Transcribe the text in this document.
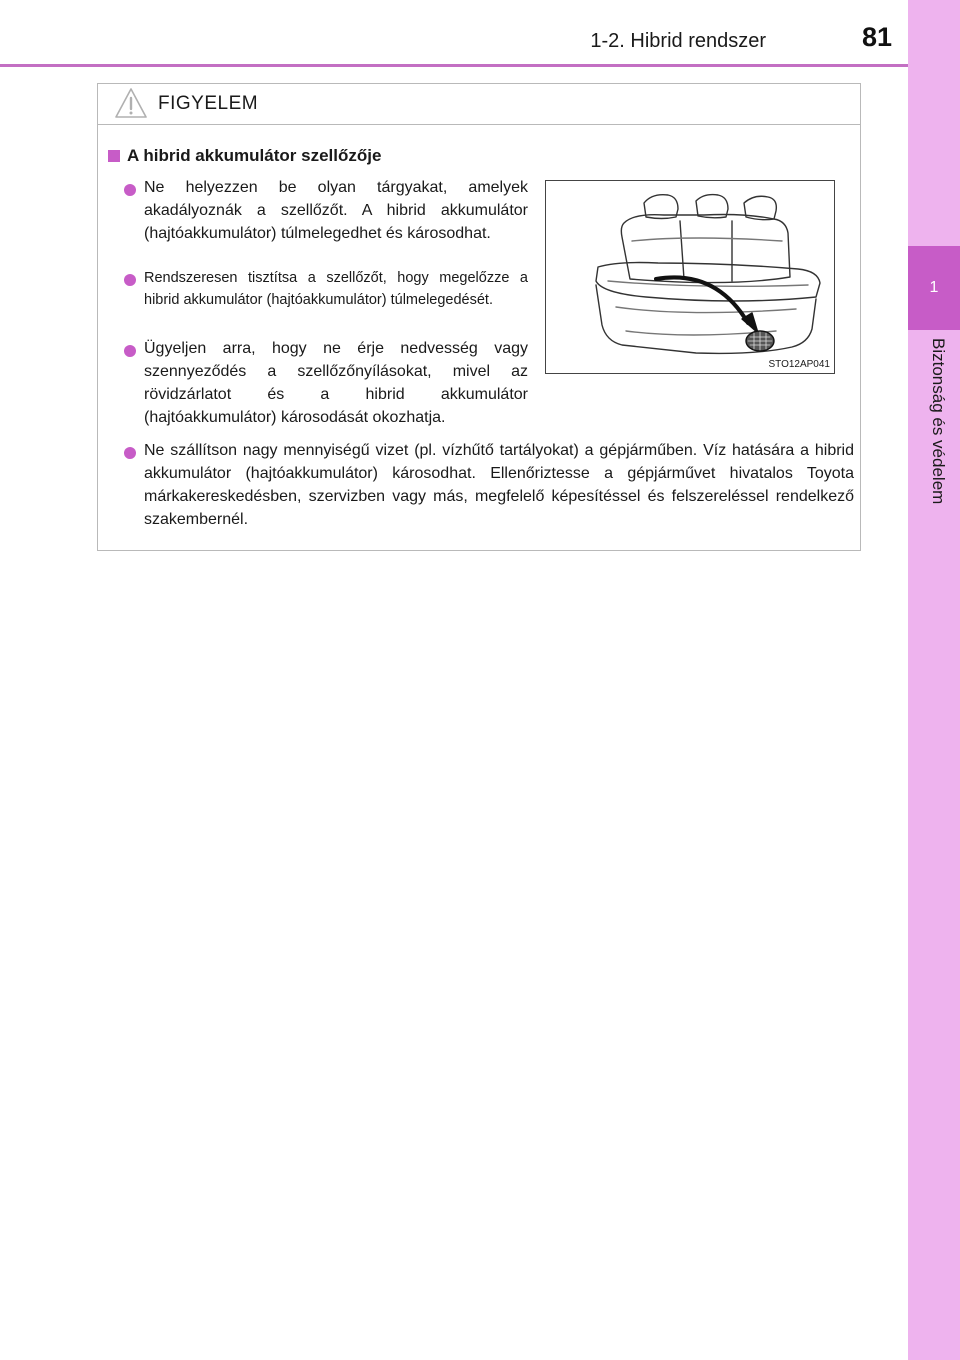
1
Biztonság és védelem
1-2. Hibrid rendszer	81
FIGYELEM
A hibrid akkumulátor szellőzője

Ne helyezzen be olyan tárgyakat, amelyek akadályoznák a szellőzőt. A hibrid akkumulátor (hajtóakkumulátor) túlmelegedhet és károsodhat.

Rendszeresen tisztítsa a szellőzőt, hogy megelőzze a hibrid akkumulátor (hajtóakkumulátor) túlmelegedését.

Ügyeljen arra, hogy ne érje nedvesség vagy szennyeződés a szellőzőnyílásokat, mivel az rövidzárlatot és a hibrid akkumulátor (hajtóakkumulátor) károsodását okozhatja.

Ne szállítson nagy mennyiségű vizet (pl. vízhűtő tartályokat) a gépjárműben. Víz hatására a hibrid akkumulátor (hajtóakkumulátor) károsodhat. Ellenőriztesse a gépjárművet hivatalos Toyota márkakereskedésben, szervizben vagy más, megfelelő képesítéssel és felszereléssel rendelkező szakembernél.

STO12AP041
